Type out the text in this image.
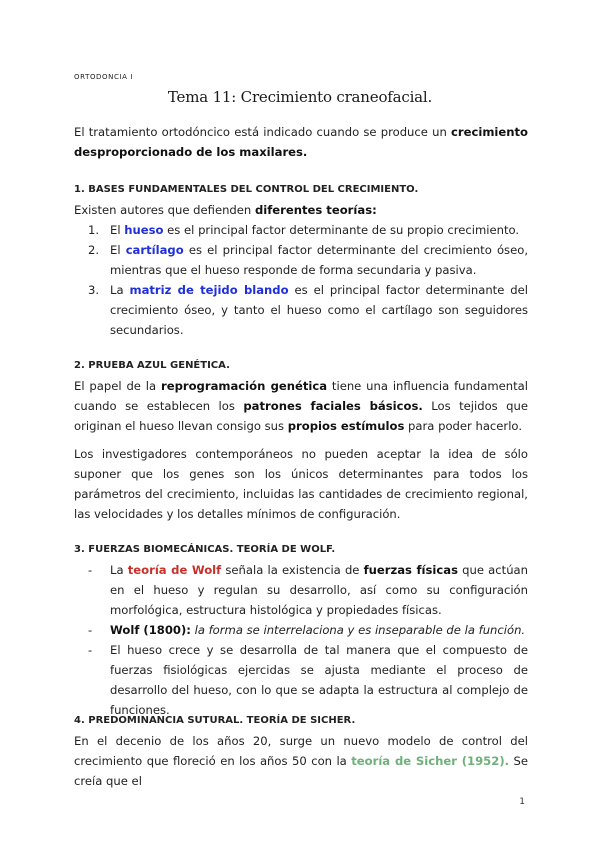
ORTODONCIA I
Tema 11: Crecimiento craneofacial.

El tratamiento ortodóncico está indicado cuando se produce un crecimiento desproporcionado de los maxilares.

1. BASES FUNDAMENTALES DEL CONTROL DEL CRECIMIENTO.

Existen autores que defienden diferentes teorías:

1. El hueso es el principal factor determinante de su propio crecimiento.
2. El cartílago es el principal factor determinante del crecimiento óseo, mientras que el hueso responde de forma secundaria y pasiva.
3. La matriz de tejido blando es el principal factor determinante del crecimiento óseo, y tanto el hueso como el cartílago son seguidores secundarios.
2. PRUEBA AZUL GENÉTICA.

El papel de la reprogramación genética tiene una influencia fundamental cuando se establecen los patrones faciales básicos. Los tejidos que originan el hueso llevan consigo sus propios estímulos para poder hacerlo.

Los investigadores contemporáneos no pueden aceptar la idea de sólo suponer que los genes son los únicos determinantes para todos los parámetros del crecimiento, incluidas las cantidades de crecimiento regional, las velocidades y los detalles mínimos de configuración.

3. FUERZAS BIOMECÁNICAS. TEORÍA DE WOLF.
- La teoría de Wolf señala la existencia de fuerzas físicas que actúan en el hueso y regulan su desarrollo, así como su configuración morfológica, estructura histológica y propiedades físicas.
- Wolf (1800): la forma se interrelaciona y es inseparable de la función.
- El hueso crece y se desarrolla de tal manera que el compuesto de fuerzas fisiológicas ejercidas se ajusta mediante el proceso de desarrollo del hueso, con lo que se adapta la estructura al complejo de funciones.
4. PREDOMINANCIA SUTURAL. TEORÍA DE SICHER.

En el decenio de los años 20, surge un nuevo modelo de control del crecimiento que floreció en los años 50 con la teoría de Sicher (1952). Se creía que el

1
